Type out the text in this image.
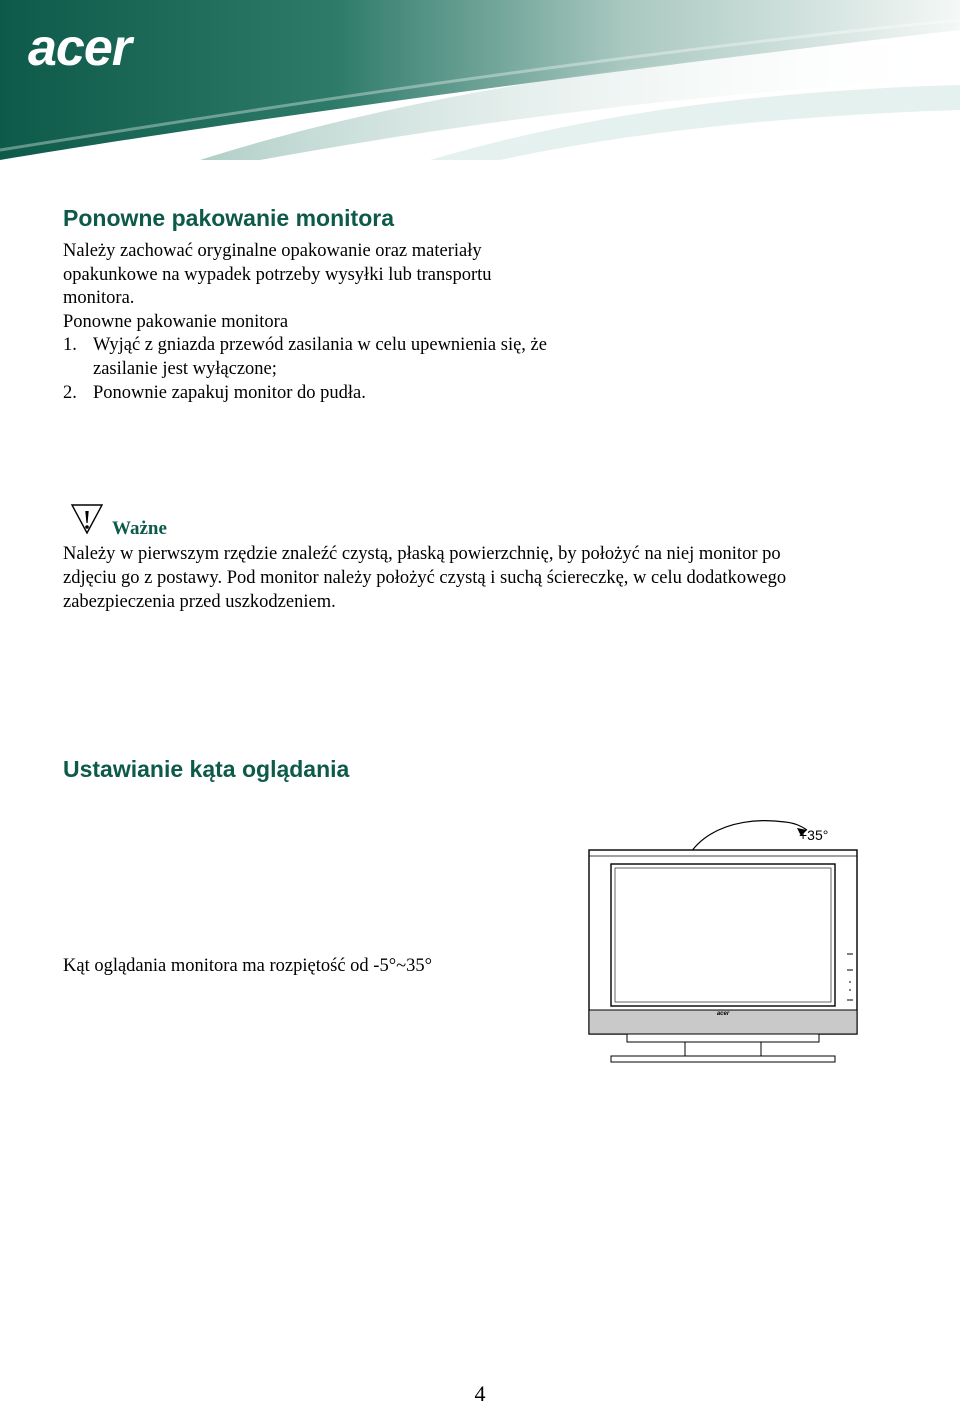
acer
Ponowne pakowanie monitora
Należy zachować oryginalne opakowanie oraz materiały
opakunkowe na wypadek potrzeby wysyłki lub transportu
monitora.
Ponowne pakowanie monitora
1. Wyjąć z gniazda przewód zasilania w celu upewnienia się, że
zasilanie jest wyłączone;
2. Ponownie zapakuj monitor do pudła.
Ważne
Należy w pierwszym rzędzie znaleźć czystą, płaską powierzchnię, by położyć na niej monitor po
zdjęciu go z postawy. Pod monitor należy położyć czystą i suchą ściereczkę, w celu dodatkowego
zabezpieczenia przed uszkodzeniem.
Ustawianie kąta oglądania
Kąt oglądania monitora ma rozpiętość od -5°~35°
+35°
acer
4
